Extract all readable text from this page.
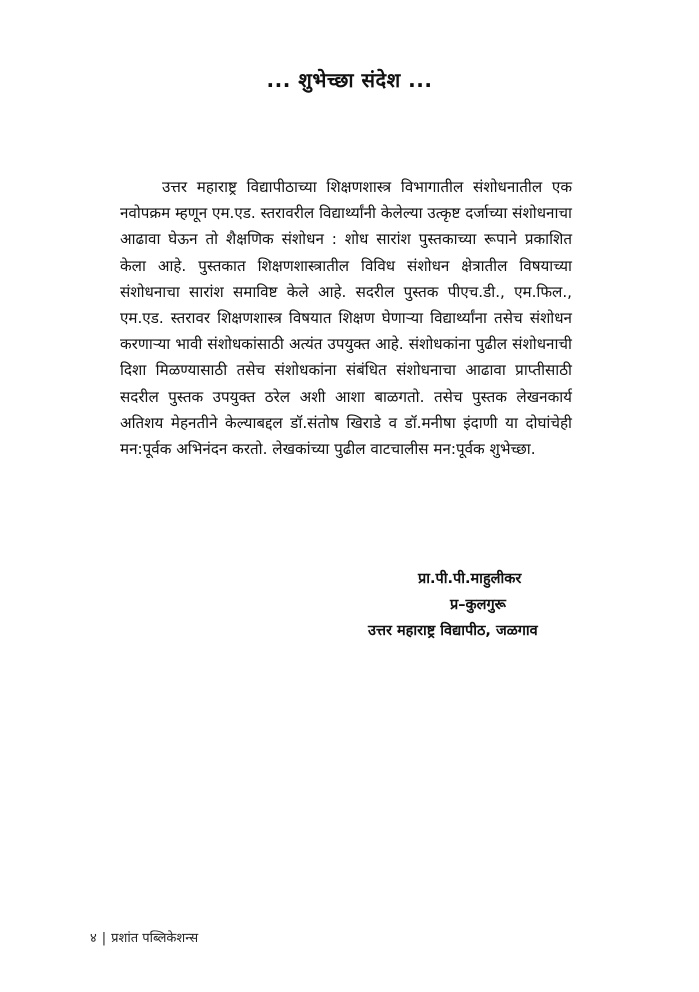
... शुभेच्छा संदेश ...

उत्तर महाराष्ट्र विद्यापीठाच्या शिक्षणशास्त्र विभागातील संशोधनातील एक नवोपक्रम म्हणून एम.एड. स्तरावरील विद्यार्थ्यांनी केलेल्या उत्कृष्ट दर्जाच्या संशोधनाचा आढावा घेऊन तो शैक्षणिक संशोधन : शोध सारांश पुस्तकाच्या रूपाने प्रकाशित केला आहे. पुस्तकात शिक्षणशास्त्रातील विविध संशोधन क्षेत्रातील विषयाच्या संशोधनाचा सारांश समाविष्ट केले आहे. सदरील पुस्तक पीएच.डी., एम.फिल., एम.एड. स्तरावर शिक्षणशास्त्र विषयात शिक्षण घेणाऱ्या विद्यार्थ्यांना तसेच संशोधन करणाऱ्या भावी संशोधकांसाठी अत्यंत उपयुक्त आहे. संशोधकांना पुढील संशोधनाची दिशा मिळण्यासाठी तसेच संशोधकांना संबंधित संशोधनाचा आढावा प्राप्तीसाठी सदरील पुस्तक उपयुक्त ठरेल अशी आशा बाळगतो. तसेच पुस्तक लेखनकार्य अतिशय मेहनतीने केल्याबद्दल डॉ.संतोष खिराडे व डॉ.मनीषा इंदाणी या दोघांचेही मन:पूर्वक अभिनंदन करतो. लेखकांच्या पुढील वाटचालीस मन:पूर्वक शुभेच्छा.

प्रा.पी.पी.माहुलीकर
प्र–कुलगुरू
उत्तर महाराष्ट्र विद्यापीठ, जळगाव
४ | प्रशांत पब्लिकेशन्स
